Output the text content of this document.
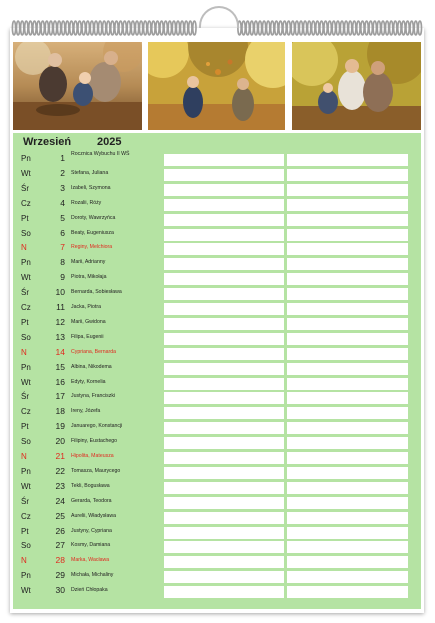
Wrzesień 2025
Pn	1 Rocznica Wybuchu II WŚ
Wt	2 Stefana, Juliana
Śr	3 Izabeli, Szymona
Cz	4 Rozalii, Róży
Pt	5 Doroty, Wawrzyńca
So	6 Beaty, Eugeniusza
N	7 Reginy, Melchiora
Pn	8 Marii, Adrianny
Wt	9 Piotra, Mikołaja
Śr	10 Bernarda, Sobiesława
Cz	11 Jacka, Piotra
Pt	12 Marii, Gwidona
So	13 Filipa, Eugenii
N	14 Cypriana, Bernarda
Pn	15 Albina, Nikodema
Wt	16 Edyty, Korneliа
Śr	17 Justyna, Franciszki
Cz	18 Ireny, Józefa
Pt	19 Januarego, Konstancji
So	20 Filipiny, Eustachego
N	21 Hipolita, Mateusza
Pn	22 Tomasza, Maurycego
Wt	23 Tekli, Bogusława
Śr	24 Gerarda, Teodora
Cz	25 Aurelii, Władysława
Pt	26 Justyny, Cypriana
So	27 Kosmy, Damiana
N	28 Marka, Wacława
Pn	29 Michała, Michaliny
Wt	30 Dzień Chłopaka
